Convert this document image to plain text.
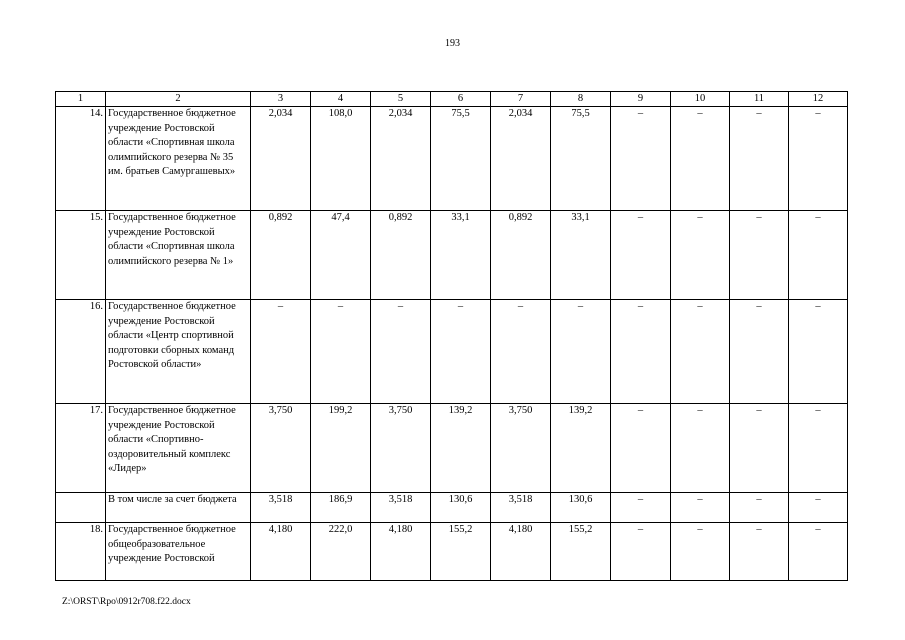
193
1	2	3	4	5	6	7	8	9	10	11	12
14.	Государственное бюджетное учреждение Ростовской области «Спортивная школа олимпийского резерва № 35 им. братьев Самургашевых»	2,034	108,0	2,034	75,5	2,034	75,5	–	–	–	–
15.	Государственное бюджетное учреждение Ростовской области «Спортивная школа олимпийского резерва № 1»	0,892	47,4	0,892	33,1	0,892	33,1	–	–	–	–
16.	Государственное бюджетное учреждение Ростовской области «Центр спортивной подготовки сборных команд Ростовской области»	–	–	–	–	–	–	–	–	–	–
17.	Государственное бюджетное учреждение Ростовской области «Спортивно-оздоровительный комплекс «Лидер»	3,750	199,2	3,750	139,2	3,750	139,2	–	–	–	–
	В том числе за счет бюджета	3,518	186,9	3,518	130,6	3,518	130,6	–	–	–	–
18.	Государственное бюджетное общеобразовательное учреждение Ростовской	4,180	222,0	4,180	155,2	4,180	155,2	–	–	–	–
Z:\ORST\Rpo\0912r708.f22.docx
